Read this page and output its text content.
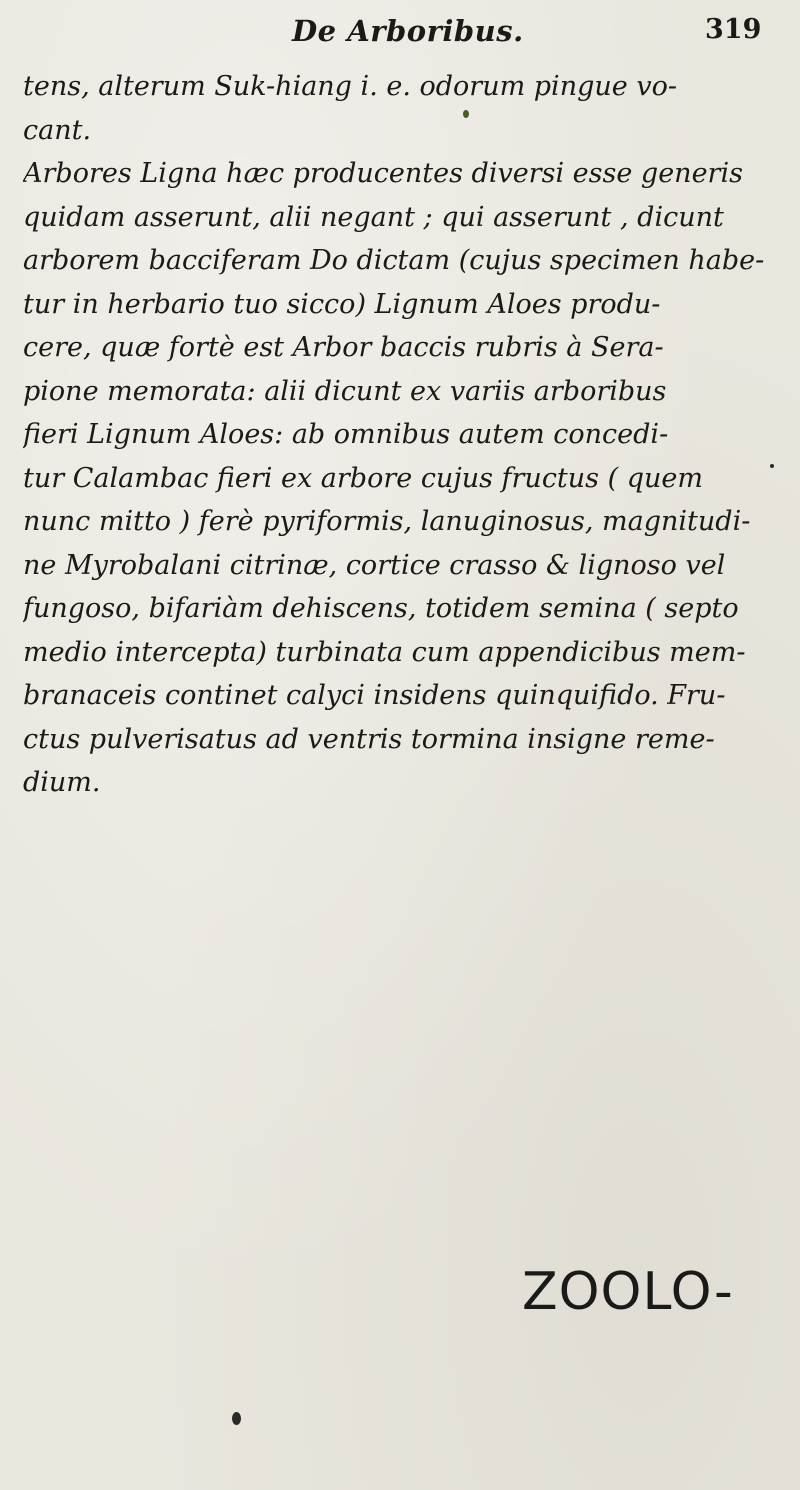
De Arboribus.	319
tens, alterum Suk-hiang i. e. odorum pingue vo-
cant.
Arbores Ligna hæc producentes diversi esse generis
quidam asserunt, alii negant ; qui asserunt , dicunt
arborem bacciferam Do dictam (cujus specimen habe-
tur in herbario tuo sicco) Lignum Aloes produ-
cere, quæ fortè est Arbor baccis rubris à Sera-
pione memorata: alii dicunt ex variis arboribus
fieri Lignum Aloes: ab omnibus autem concedi-
tur Calambac fieri ex arbore cujus fructus ( quem
nunc mitto ) ferè pyriformis, lanuginosus, magnitudi-
ne Myrobalani citrinæ, cortice crasso & lignoso vel
fungoso, bifariàm dehiscens, totidem semina ( septo
medio intercepta) turbinata cum appendicibus mem-
branaceis continet calyci insidens quinquifido. Fru-
ctus pulverisatus ad ventris tormina insigne reme-
dium.
ZOOLO-
